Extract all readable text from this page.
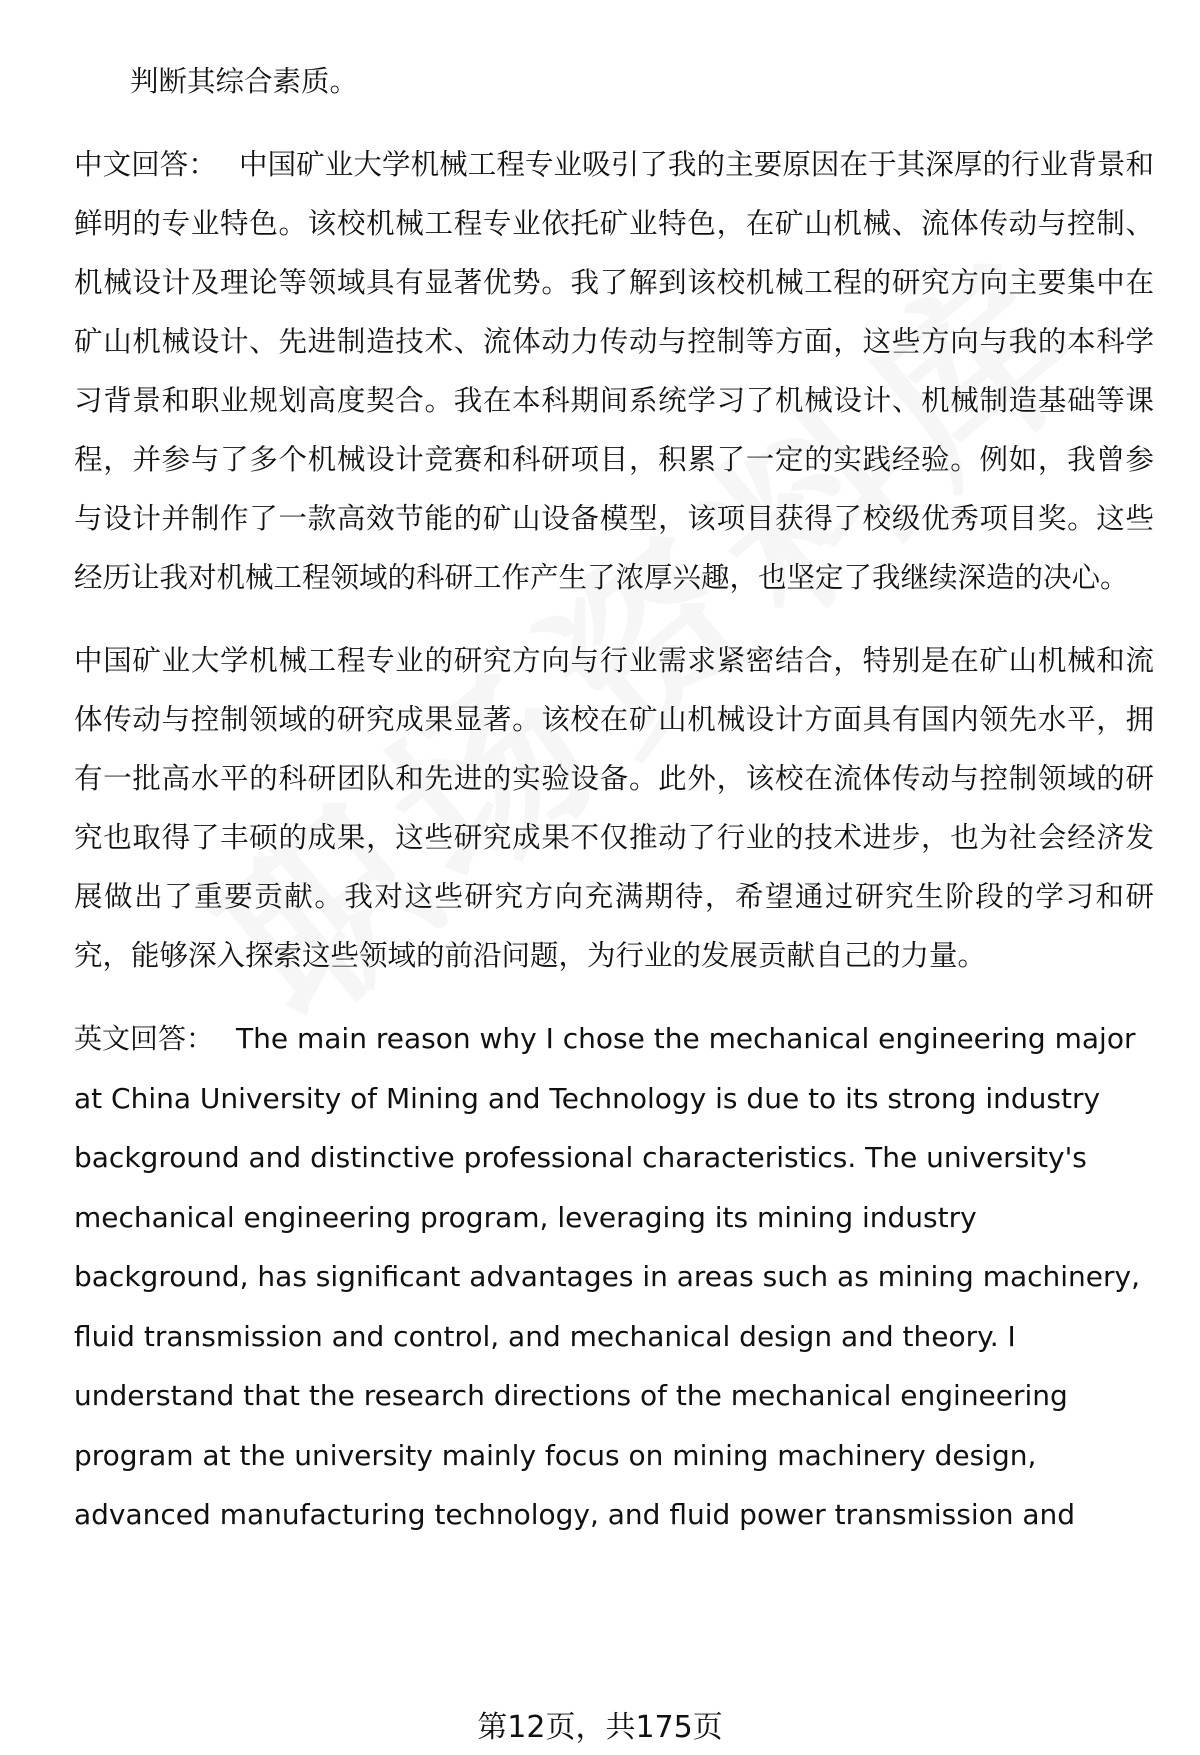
判断其综合素质。

中文回答： 中国矿业大学机械工程专业吸引了我的主要原因在于其深厚的行业背景和鲜明的专业特色。该校机械工程专业依托矿业特色，在矿山机械、流体传动与控制、机械设计及理论等领域具有显著优势。我了解到该校机械工程的研究方向主要集中在矿山机械设计、先进制造技术、流体动力传动与控制等方面，这些方向与我的本科学习背景和职业规划高度契合。我在本科期间系统学习了机械设计、机械制造基础等课程，并参与了多个机械设计竞赛和科研项目，积累了一定的实践经验。例如，我曾参与设计并制作了一款高效节能的矿山设备模型，该项目获得了校级优秀项目奖。这些经历让我对机械工程领域的科研工作产生了浓厚兴趣，也坚定了我继续深造的决心。

中国矿业大学机械工程专业的研究方向与行业需求紧密结合，特别是在矿山机械和流体传动与控制领域的研究成果显著。该校在矿山机械设计方面具有国内领先水平，拥有一批高水平的科研团队和先进的实验设备。此外，该校在流体传动与控制领域的研究也取得了丰硕的成果，这些研究成果不仅推动了行业的技术进步，也为社会经济发展做出了重要贡献。我对这些研究方向充满期待，希望通过研究生阶段的学习和研究，能够深入探索这些领域的前沿问题，为行业的发展贡献自己的力量。

英文回答： The main reason why I chose the mechanical engineering major at China University of Mining and Technology is due to its strong industry background and distinctive professional characteristics. The university's mechanical engineering program, leveraging its mining industry background, has significant advantages in areas such as mining machinery, fluid transmission and control, and mechanical design and theory. I understand that the research directions of the mechanical engineering program at the university mainly focus on mining machinery design, advanced manufacturing technology, and fluid power transmission and

第12页，共175页
